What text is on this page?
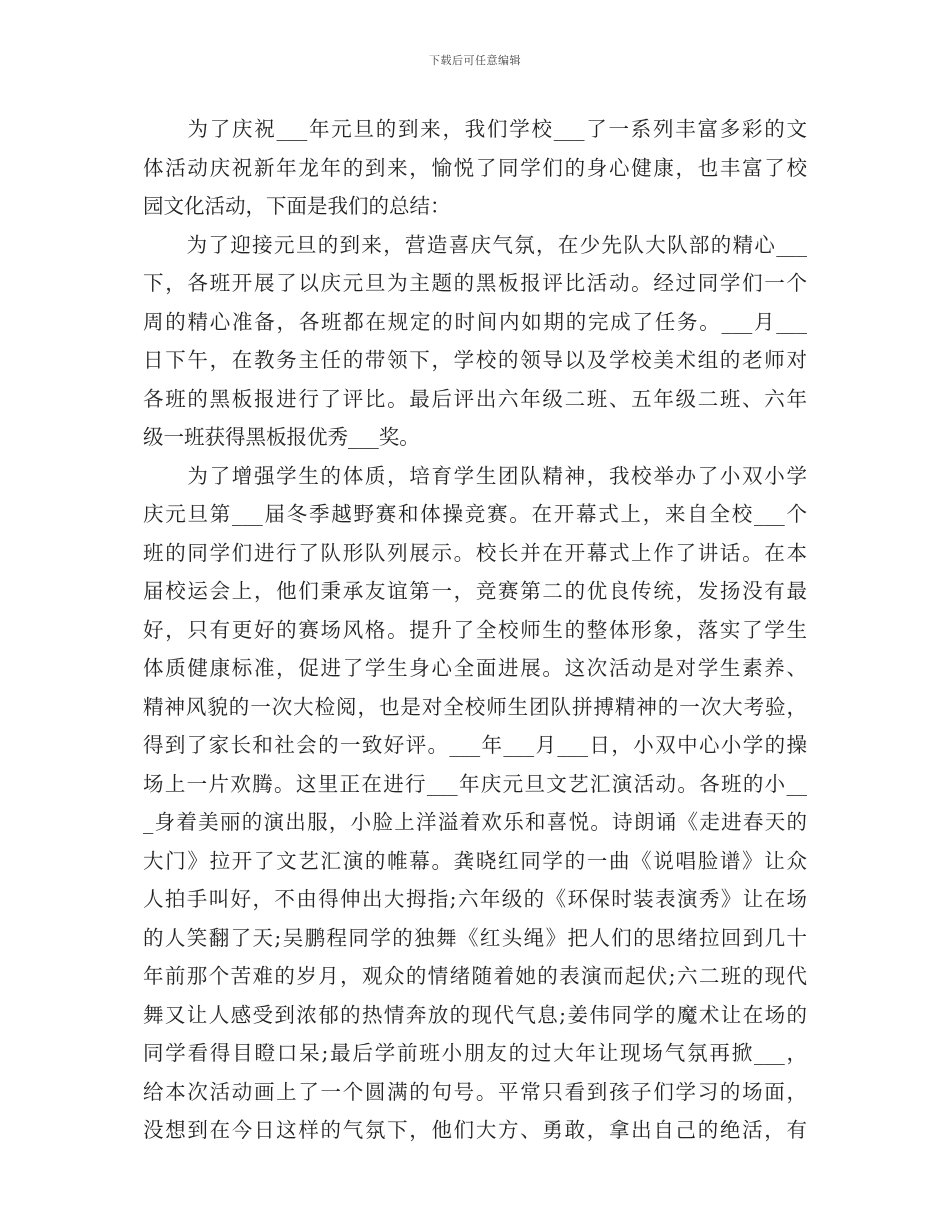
下载后可任意编辑
　　为了庆祝___年元旦的到来，我们学校___了一系列丰富多彩的文
体活动庆祝新年龙年的到来，愉悦了同学们的身心健康，也丰富了校
园文化活动，下面是我们的总结：
　　为了迎接元旦的到来，营造喜庆气氛，在少先队大队部的精心___
下，各班开展了以庆元旦为主题的黑板报评比活动。经过同学们一个
周的精心准备，各班都在规定的时间内如期的完成了任务。___月___
日下午，在教务主任的带领下，学校的领导以及学校美术组的老师对
各班的黑板报进行了评比。最后评出六年级二班、五年级二班、六年
级一班获得黑板报优秀___奖。
　　为了增强学生的体质，培育学生团队精神，我校举办了小双小学
庆元旦第___届冬季越野赛和体操竞赛。在开幕式上，来自全校___个
班的同学们进行了队形队列展示。校长并在开幕式上作了讲话。在本
届校运会上，他们秉承友谊第一，竞赛第二的优良传统，发扬没有最
好，只有更好的赛场风格。提升了全校师生的整体形象，落实了学生
体质健康标准，促进了学生身心全面进展。这次活动是对学生素养、
精神风貌的一次大检阅，也是对全校师生团队拼搏精神的一次大考验，
得到了家长和社会的一致好评。___年___月___日，小双中心小学的操
场上一片欢腾。这里正在进行___年庆元旦文艺汇演活动。各班的小__
_身着美丽的演出服，小脸上洋溢着欢乐和喜悦。诗朗诵《走进春天的
大门》拉开了文艺汇演的帷幕。龚晓红同学的一曲《说唱脸谱》让众
人拍手叫好，不由得伸出大拇指;六年级的《环保时装表演秀》让在场
的人笑翻了天;吴鹏程同学的独舞《红头绳》把人们的思绪拉回到几十
年前那个苦难的岁月，观众的情绪随着她的表演而起伏;六二班的现代
舞又让人感受到浓郁的热情奔放的现代气息;姜伟同学的魔术让在场的
同学看得目瞪口呆;最后学前班小朋友的过大年让现场气氛再掀___，
给本次活动画上了一个圆满的句号。平常只看到孩子们学习的场面，
没想到在今日这样的气氛下，他们大方、勇敢，拿出自己的绝活，有
